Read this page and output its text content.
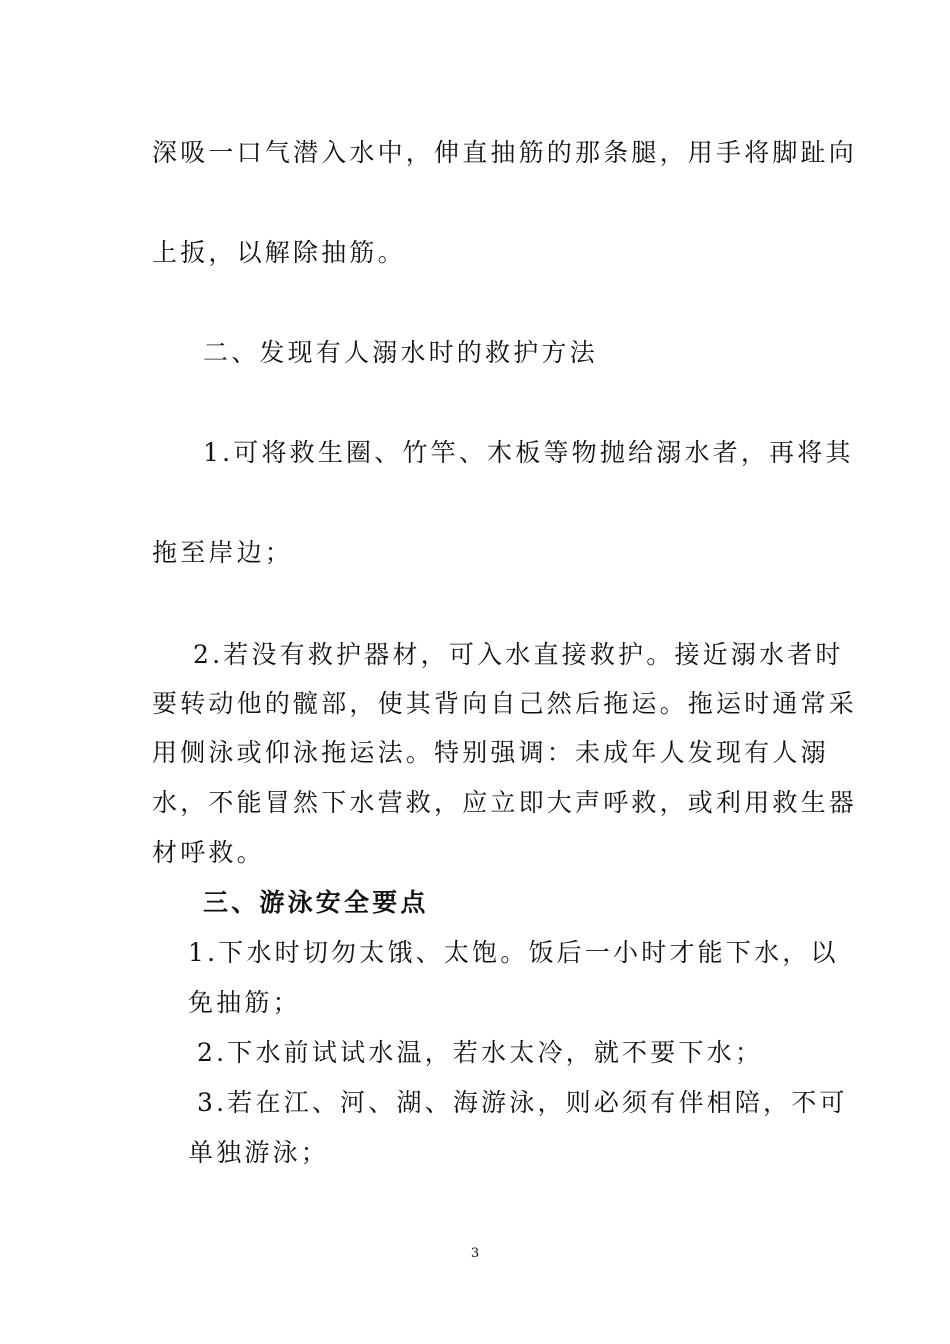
深吸一口气潜入水中，伸直抽筋的那条腿，用手将脚趾向
上扳，以解除抽筋。
二、发现有人溺水时的救护方法
1.可将救生圈、竹竿、木板等物抛给溺水者，再将其
拖至岸边；
2.若没有救护器材，可入水直接救护。接近溺水者时
要转动他的髋部，使其背向自己然后拖运。拖运时通常采
用侧泳或仰泳拖运法。特别强调：未成年人发现有人溺
水，不能冒然下水营救，应立即大声呼救，或利用救生器
材呼救。
三、游泳安全要点
1.下水时切勿太饿、太饱。饭后一小时才能下水，以
免抽筋；
2.下水前试试水温，若水太冷，就不要下水；
3.若在江、河、湖、海游泳，则必须有伴相陪，不可
单独游泳；
3
